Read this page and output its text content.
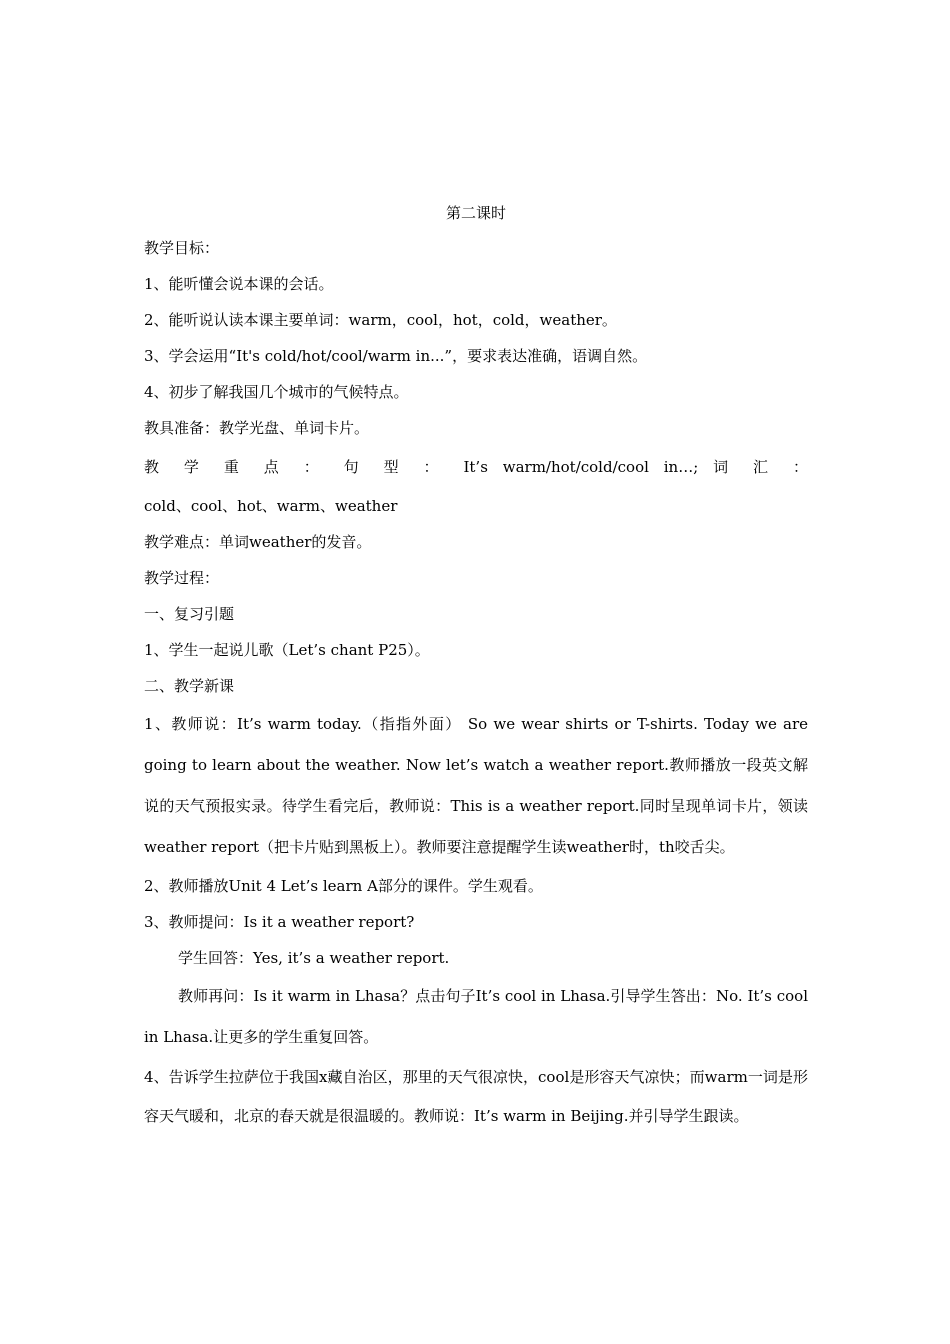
第二课时
教学目标：
1、能听懂会说本课的会话。
2、能听说认读本课主要单词：warm，cool，hot，cold，weather。
3、学会运用“It's cold/hot/cool/warm in...”，要求表达准确，语调自然。
4、初步了解我国几个城市的气候特点。
教具准备：教学光盘、单词卡片。
教 学 重 点 ： 句 型 ： It’s warm/hot/cold/cool in…; 词 汇 ：
cold、cool、hot、warm、weather
教学难点：单词weather的发音。
教学过程：
一、复习引题
1、学生一起说儿歌（Let’s chant P25）。
二、教学新课
1、教师说：It’s warm today.（指指外面） So we wear shirts or T-shirts. Today we are going to learn about the weather. Now let’s watch a weather report.教师播放一段英文解说的天气预报实录。待学生看完后，教师说：This is a weather report.同时呈现单词卡片，领读weather report（把卡片贴到黑板上）。教师要注意提醒学生读weather时，th咬舌尖。
2、教师播放Unit 4 Let’s learn A部分的课件。学生观看。
3、教师提问：Is it a weather report?
学生回答：Yes, it’s a weather report.
教师再问：Is it warm in Lhasa？点击句子It’s cool in Lhasa.引导学生答出：No. It’s cool in Lhasa.让更多的学生重复回答。
4、告诉学生拉萨位于我国x藏自治区，那里的天气很凉快，cool是形容天气凉快；而warm一词是形容天气暖和，北京的春天就是很温暖的。教师说：It’s warm in Beijing.并引导学生跟读。
